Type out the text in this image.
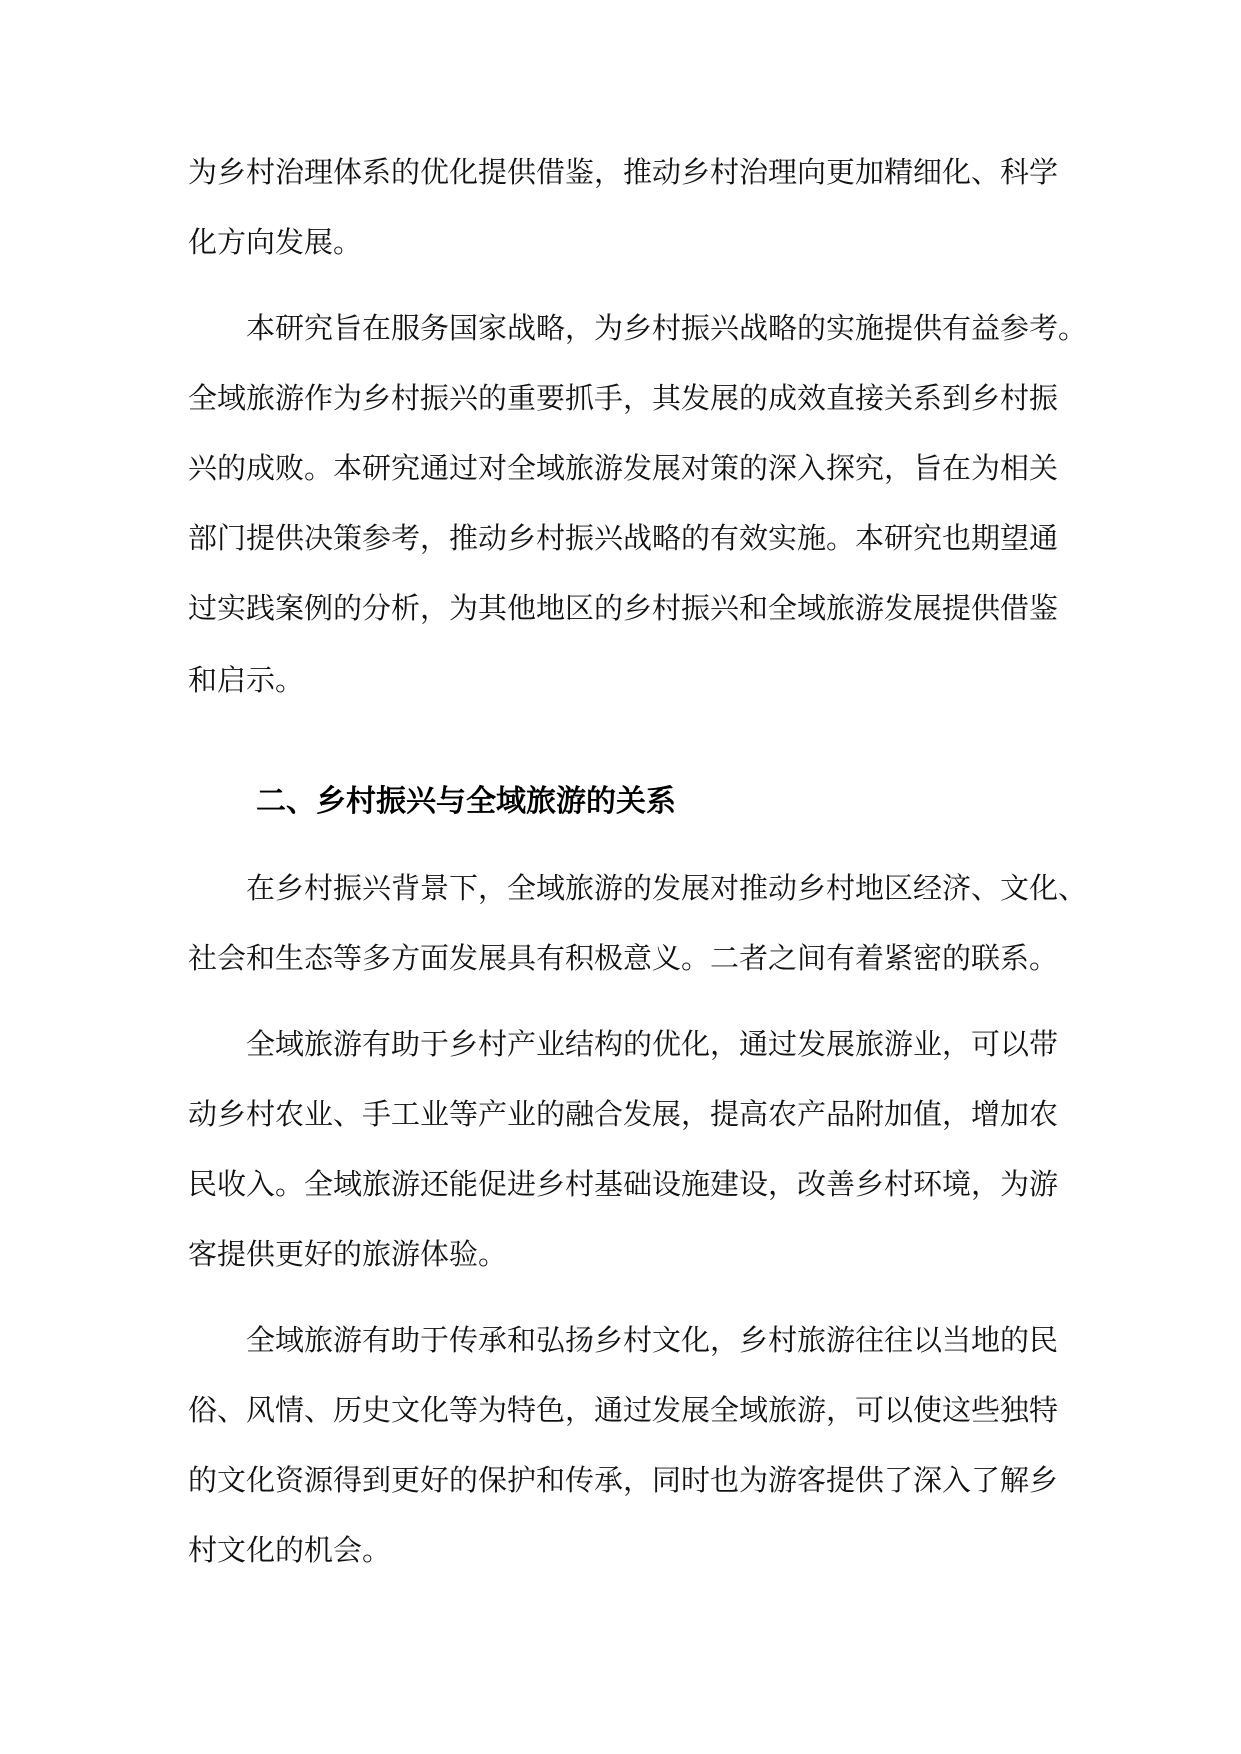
为乡村治理体系的优化提供借鉴，推动乡村治理向更加精细化、科学

化方向发展。

本研究旨在服务国家战略，为乡村振兴战略的实施提供有益参考。

全域旅游作为乡村振兴的重要抓手，其发展的成效直接关系到乡村振

兴的成败。本研究通过对全域旅游发展对策的深入探究，旨在为相关

部门提供决策参考，推动乡村振兴战略的有效实施。本研究也期望通

过实践案例的分析，为其他地区的乡村振兴和全域旅游发展提供借鉴

和启示。

二、乡村振兴与全域旅游的关系

在乡村振兴背景下，全域旅游的发展对推动乡村地区经济、文化、

社会和生态等多方面发展具有积极意义。二者之间有着紧密的联系。

全域旅游有助于乡村产业结构的优化，通过发展旅游业，可以带

动乡村农业、手工业等产业的融合发展，提高农产品附加值，增加农

民收入。全域旅游还能促进乡村基础设施建设，改善乡村环境，为游

客提供更好的旅游体验。

全域旅游有助于传承和弘扬乡村文化，乡村旅游往往以当地的民

俗、风情、历史文化等为特色，通过发展全域旅游，可以使这些独特

的文化资源得到更好的保护和传承，同时也为游客提供了深入了解乡

村文化的机会。
